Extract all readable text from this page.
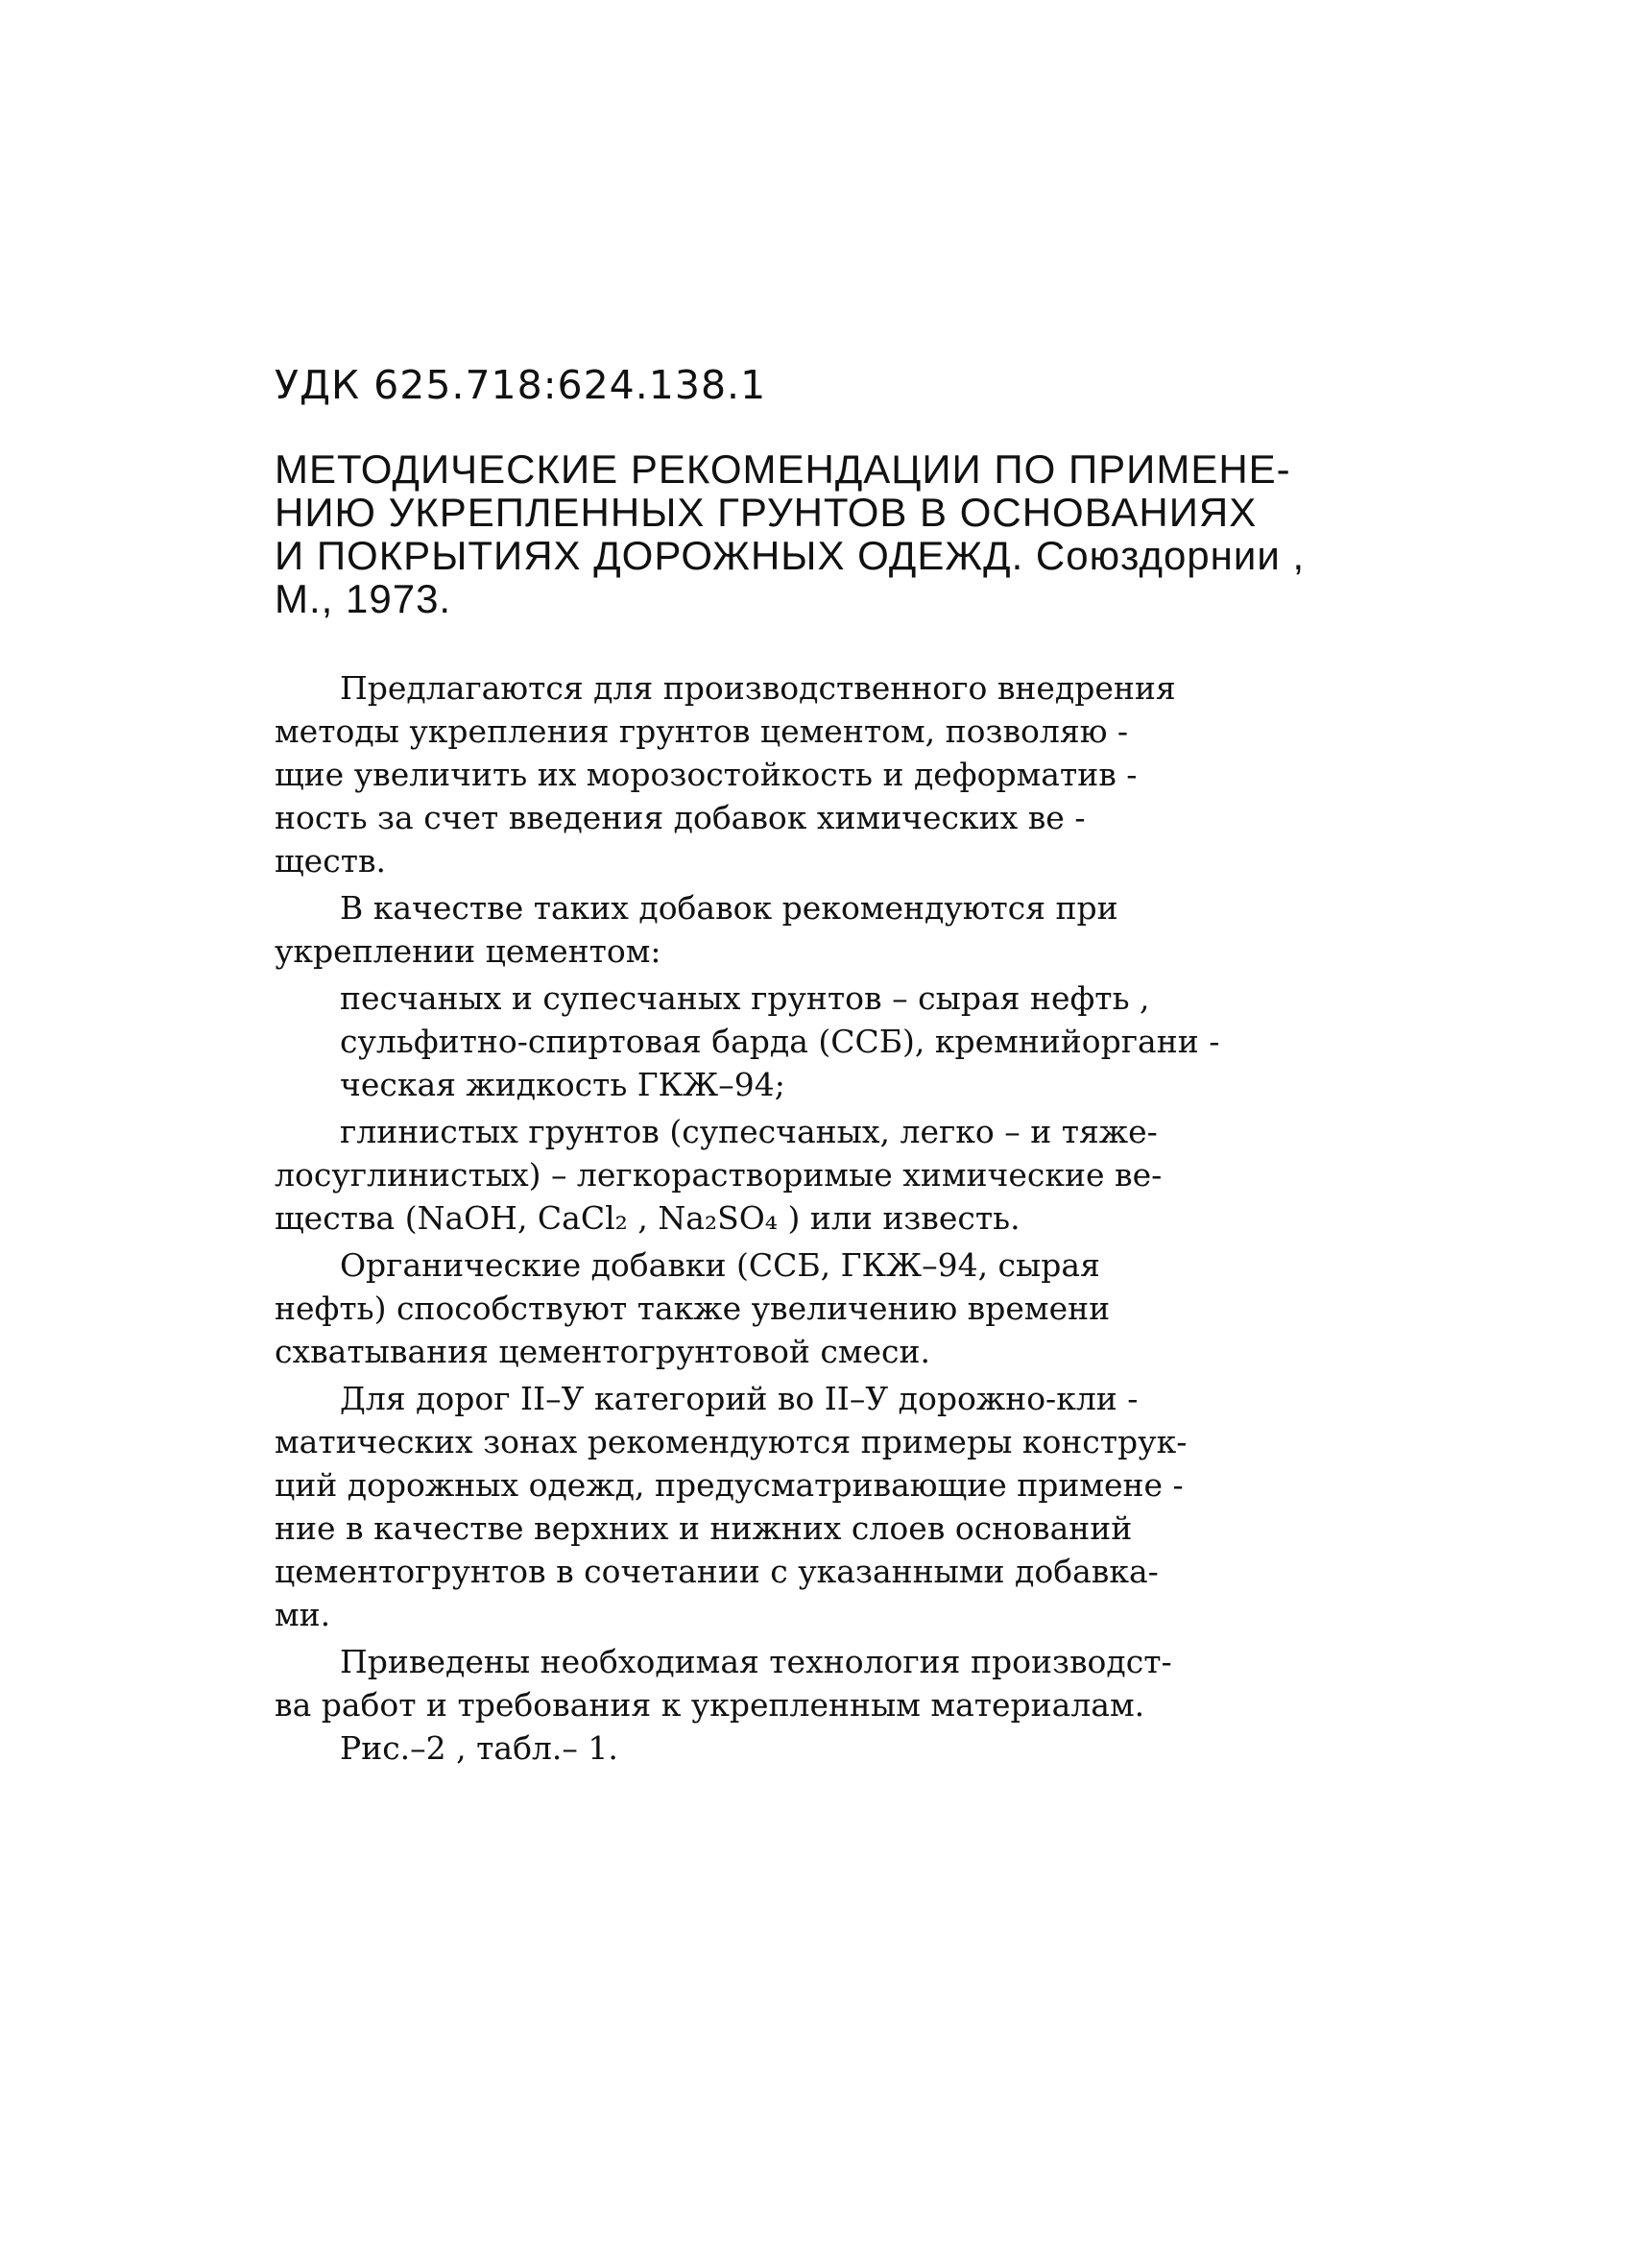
УДК 625.718:624.138.1
МЕТОДИЧЕСКИЕ РЕКОМЕНДАЦИИ ПО ПРИМЕНЕ-
НИЮ УКРЕПЛЕННЫХ ГРУНТОВ В ОСНОВАНИЯХ
И ПОКРЫТИЯХ ДОРОЖНЫХ ОДЕЖД. Союздорнии ,
М., 1973.
Предлагаются для производственного внедрения
методы укрепления грунтов цементом, позволяю -
щие увеличить их морозостойкость и деформатив -
ность за счет введения добавок химических ве -
ществ.
В качестве таких добавок рекомендуются при
укреплении цементом:
песчаных и супесчаных грунтов – сырая нефть ,
сульфитно-спиртовая барда (ССБ), кремнийоргани -
ческая жидкость ГКЖ–94;
глинистых грунтов (супесчаных, легко – и тяже-
лосуглинистых) – легкорастворимые химические ве-
щества (NaOH, CaCl₂ , Na₂SO₄ ) или известь.
Органические добавки (ССБ, ГКЖ–94, сырая
нефть) способствуют также увеличению времени
схватывания цементогрунтовой смеси.
Для дорог II–У категорий во II–У дорожно-кли -
матических зонах рекомендуются примеры конструк-
ций дорожных одежд, предусматривающие примене -
ние в качестве верхних и нижних слоев оснований
цементогрунтов в сочетании с указанными добавка-
ми.
Приведены необходимая технология производст-
ва работ и требования к укрепленным материалам.
Рис.–2 , табл.– 1.
